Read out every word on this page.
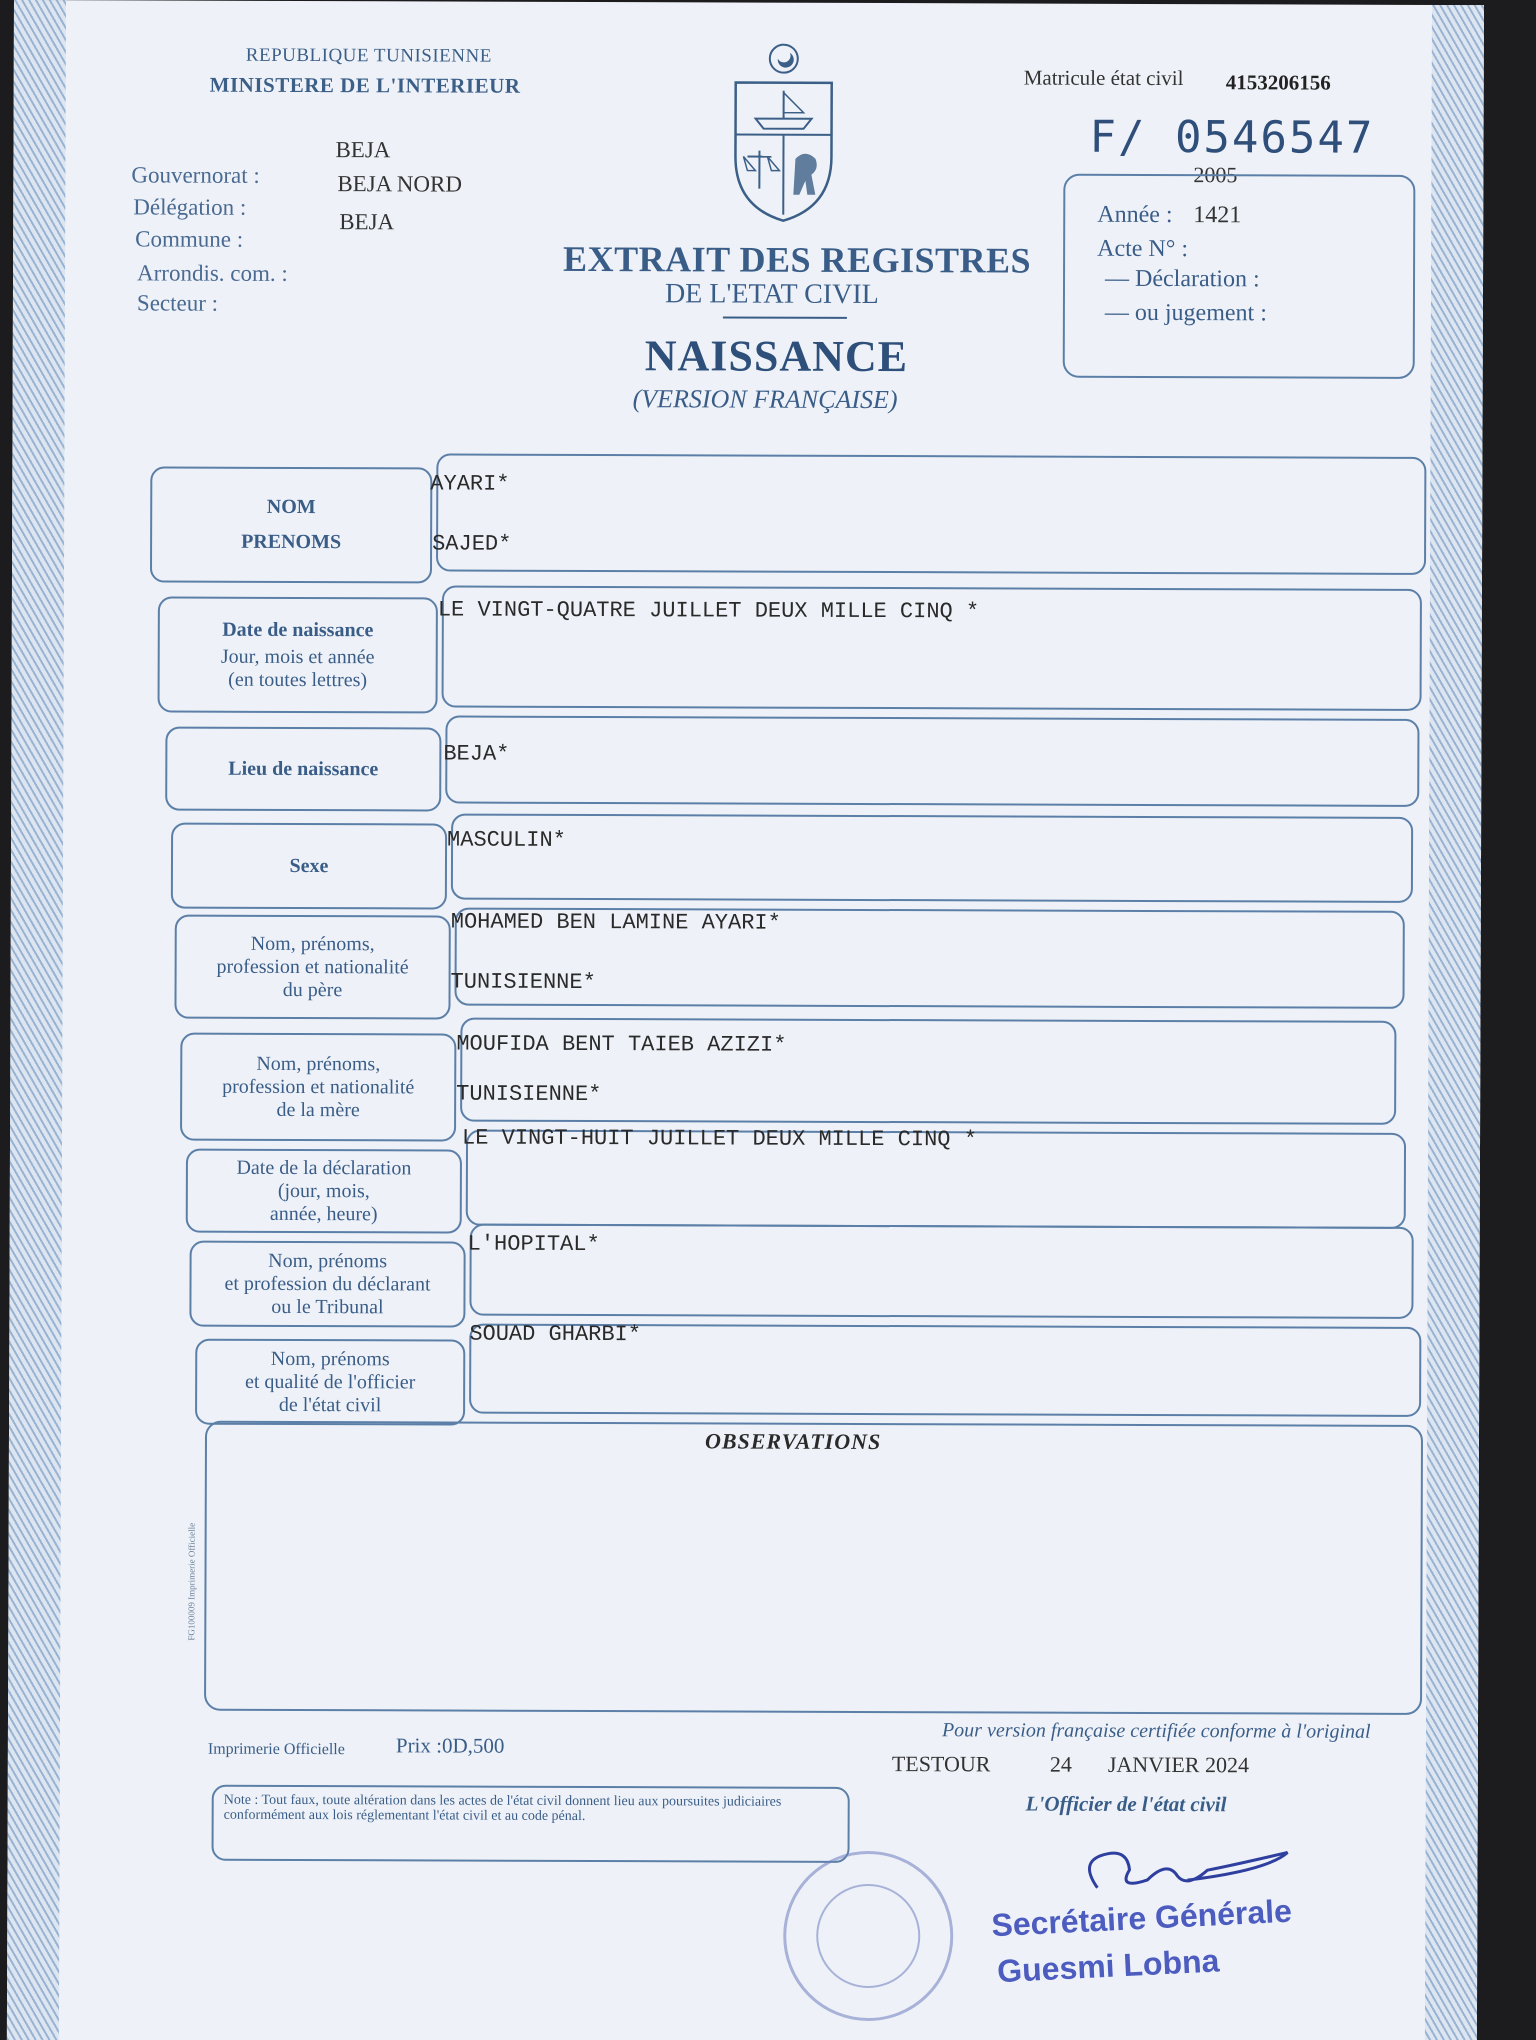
REPUBLIQUE TUNISIENNE
MINISTERE DE L'INTERIEUR
BEJA
Gouvernorat :	BEJA NORD
Délégation :
BEJA
Commune :
Arrondis. com. :
Secteur :
EXTRAIT DES REGISTRES
DE L'ETAT CIVIL
NAISSANCE
(VERSION FRANÇAISE)
Matricule état civil 4153206156
F/ 0546547
2005
Année : 1421
Acte N° :
— Déclaration :
— ou jugement :
NOM
PRENOMS
AYARI*
SAJED*
Date de naissance
Jour, mois et année
(en toutes lettres)
LE VINGT-QUATRE JUILLET DEUX MILLE CINQ *
Lieu de naissance
BEJA*
Sexe
MASCULIN*
Nom, prénoms,
profession et nationalité
du père
MOHAMED BEN LAMINE AYARI*
TUNISIENNE*
Nom, prénoms,
profession et nationalité
de la mère
MOUFIDA BENT TAIEB AZIZI*
TUNISIENNE*
Date de la déclaration
(jour, mois,
année, heure)
LE VINGT-HUIT JUILLET DEUX MILLE CINQ *
Nom, prénoms
et profession du déclarant
ou le Tribunal
L'HOPITAL*
Nom, prénoms
et qualité de l'officier
de l'état civil
SOUAD GHARBI*
OBSERVATIONS
FG100009 Imprimerie Officielle
Imprimerie Officielle Prix :0D,500
Pour version française certifiée conforme à l'original
TESTOUR	24 JANVIER 2024
L'Officier de l'état civil
Note : Tout faux, toute altération dans les actes de l'état civil donnent lieu aux poursuites judiciaires conformément aux lois réglementant l'état civil et au code pénal.
Secrétaire Générale
Guesmi Lobna
